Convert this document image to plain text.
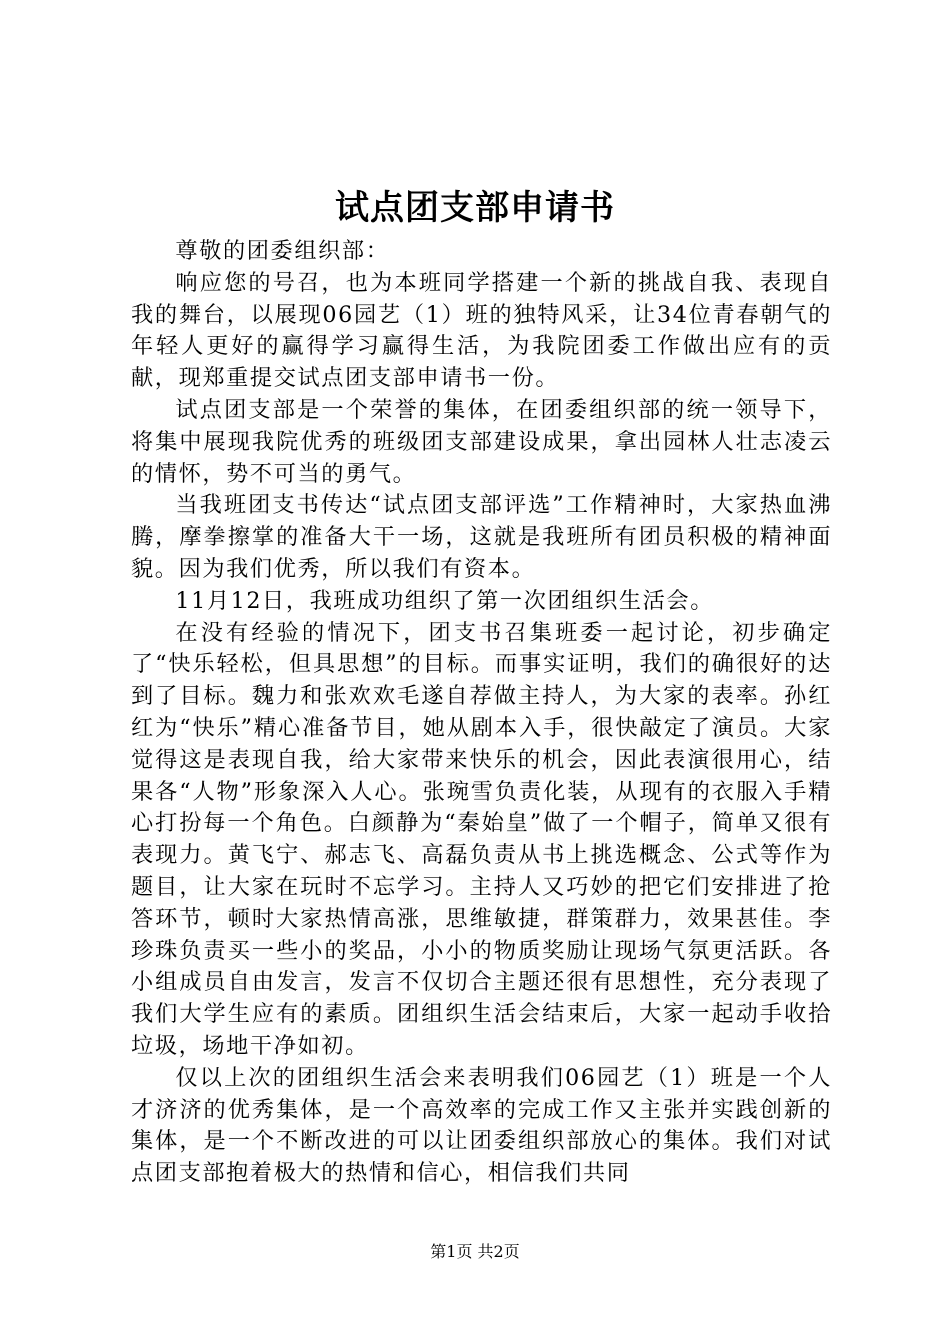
试点团支部申请书

尊敬的团委组织部：

响应您的号召，也为本班同学搭建一个新的挑战自我、表现自我的舞台，以展现06园艺（1）班的独特风采，让34位青春朝气的年轻人更好的赢得学习赢得生活，为我院团委工作做出应有的贡献，现郑重提交试点团支部申请书一份。

试点团支部是一个荣誉的集体，在团委组织部的统一领导下，将集中展现我院优秀的班级团支部建设成果，拿出园林人壮志凌云的情怀，势不可当的勇气。

当我班团支书传达“试点团支部评选”工作精神时，大家热血沸腾，摩拳擦掌的准备大干一场，这就是我班所有团员积极的精神面貌。因为我们优秀，所以我们有资本。

11月12日，我班成功组织了第一次团组织生活会。

在没有经验的情况下，团支书召集班委一起讨论，初步确定了“快乐轻松，但具思想”的目标。而事实证明，我们的确很好的达到了目标。魏力和张欢欢毛遂自荐做主持人，为大家的表率。孙红红为“快乐”精心准备节目，她从剧本入手，很快敲定了演员。大家觉得这是表现自我，给大家带来快乐的机会，因此表演很用心，结果各“人物”形象深入人心。张琬雪负责化装，从现有的衣服入手精心打扮每一个角色。白颜静为“秦始皇”做了一个帽子，简单又很有表现力。黄飞宁、郝志飞、高磊负责从书上挑选概念、公式等作为题目，让大家在玩时不忘学习。主持人又巧妙的把它们安排进了抢答环节，顿时大家热情高涨，思维敏捷，群策群力，效果甚佳。李珍珠负责买一些小的奖品，小小的物质奖励让现场气氛更活跃。各小组成员自由发言，发言不仅切合主题还很有思想性，充分表现了我们大学生应有的素质。团组织生活会结束后，大家一起动手收拾垃圾，场地干净如初。

仅以上次的团组织生活会来表明我们06园艺（1）班是一个人才济济的优秀集体，是一个高效率的完成工作又主张并实践创新的集体，是一个不断改进的可以让团委组织部放心的集体。我们对试点团支部抱着极大的热情和信心，相信我们共同

第1页 共2页
